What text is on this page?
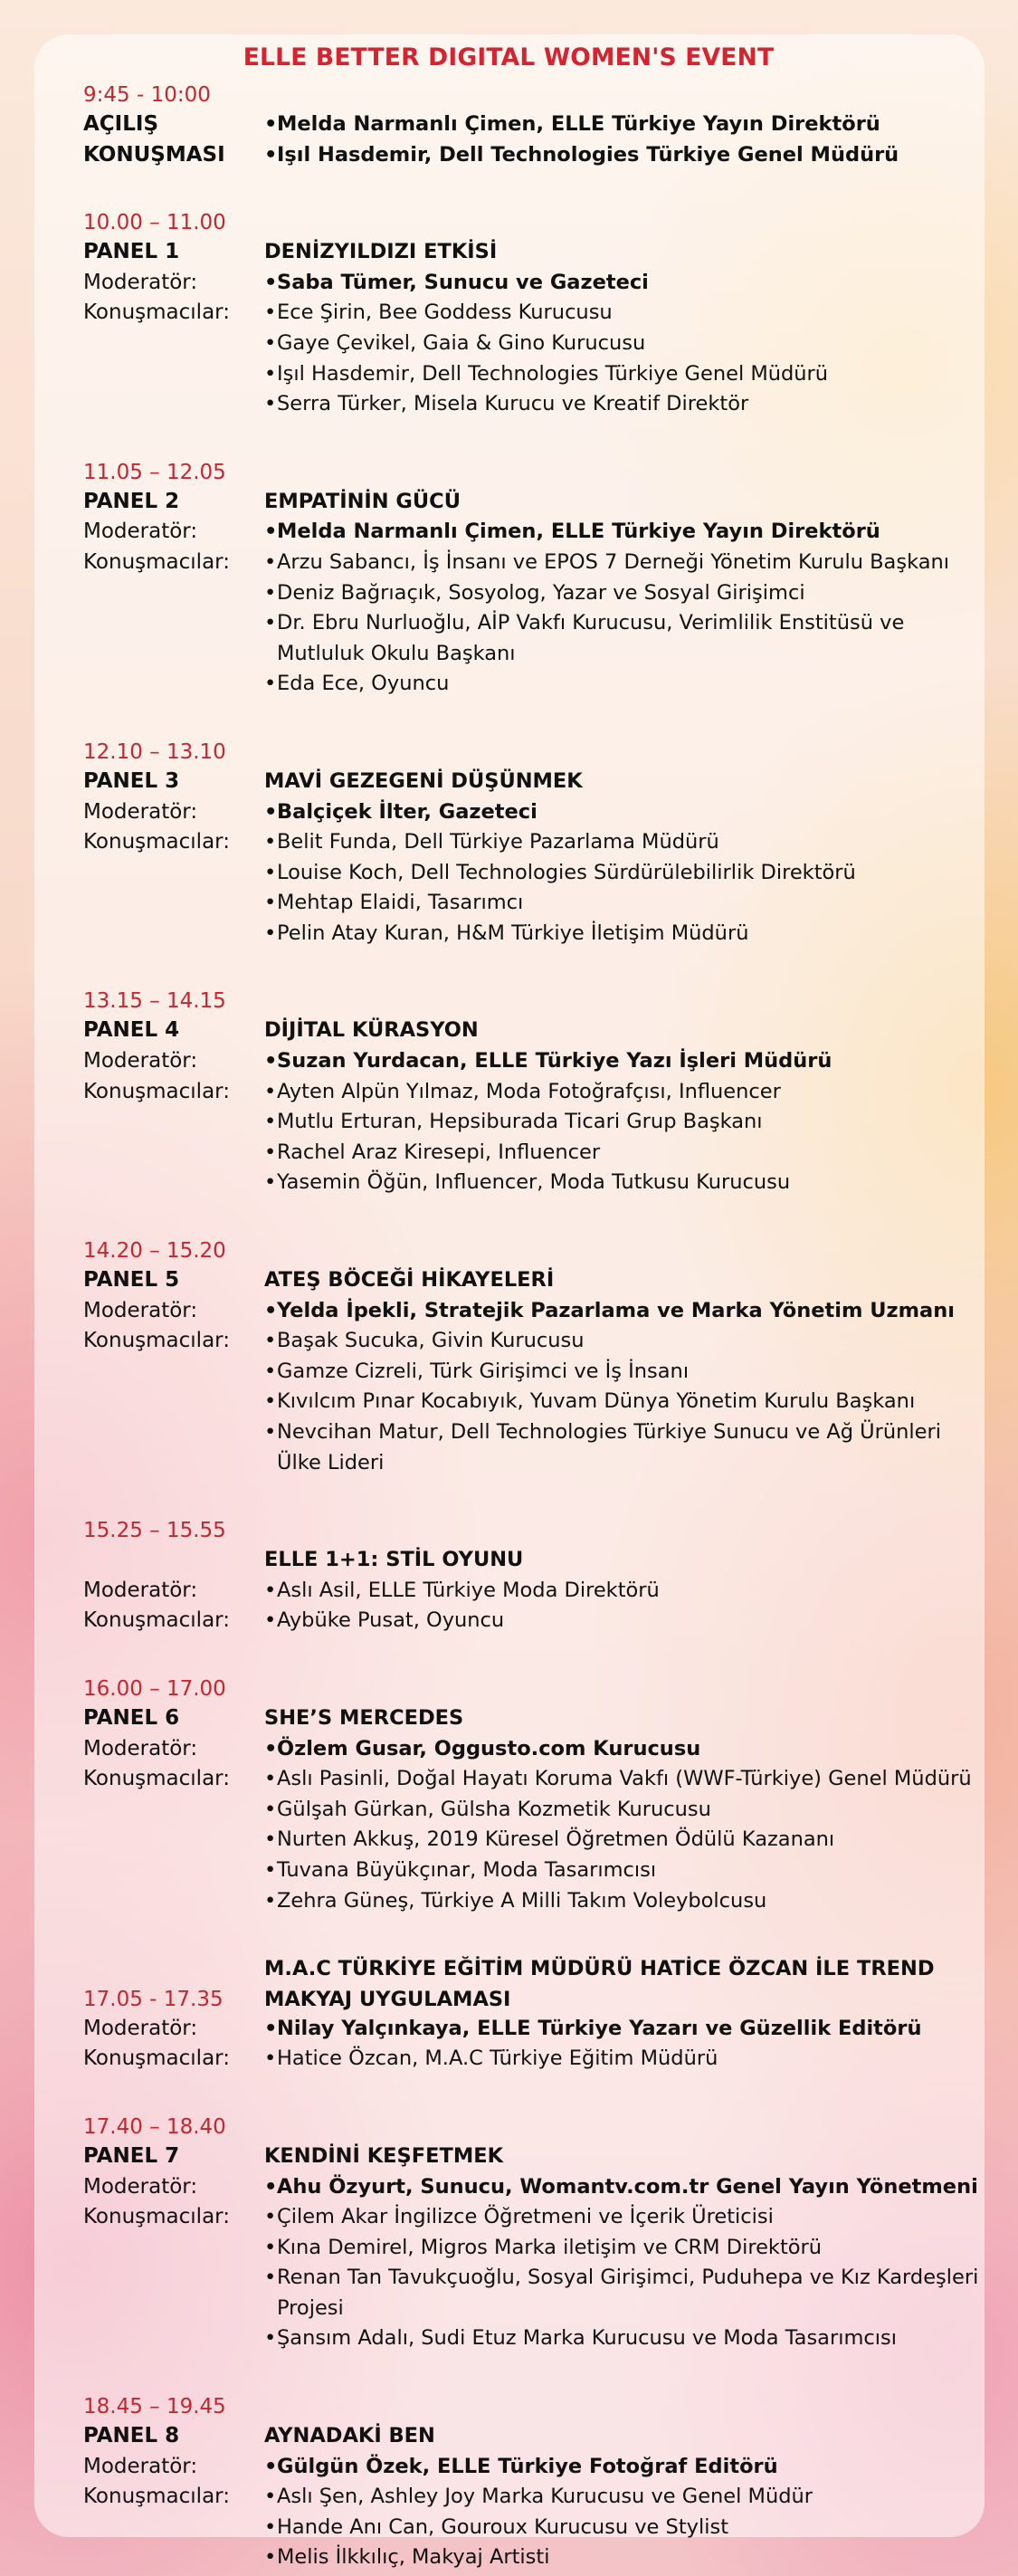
ELLE BETTER DIGITAL WOMEN'S EVENT
9:45 - 10:00
AÇILIŞ	• Melda Narmanlı Çimen, ELLE Türkiye Yayın Direktörü
KONUŞMASI	• Işıl Hasdemir, Dell Technologies Türkiye Genel Müdürü
10.00 – 11.00
PANEL 1	DENİZYILDIZI ETKİSİ
Moderatör:	• Saba Tümer, Sunucu ve Gazeteci
Konuşmacılar:	• Ece Şirin, Bee Goddess Kurucusu
• Gaye Çevikel, Gaia & Gino Kurucusu
• Işıl Hasdemir, Dell Technologies Türkiye Genel Müdürü
• Serra Türker, Misela Kurucu ve Kreatif Direktör
11.05 – 12.05
PANEL 2	EMPATİNİN GÜCÜ
Moderatör:	• Melda Narmanlı Çimen, ELLE Türkiye Yayın Direktörü
Konuşmacılar:	• Arzu Sabancı, İş İnsanı ve EPOS 7 Derneği Yönetim Kurulu Başkanı
• Deniz Bağrıaçık, Sosyolog, Yazar ve Sosyal Girişimci
• Dr. Ebru Nurluoğlu, AİP Vakfı Kurucusu, Verimlilik Enstitüsü ve Mutluluk Okulu Başkanı
• Eda Ece, Oyuncu
12.10 – 13.10
PANEL 3	MAVİ GEZEGENİ DÜŞÜNMEK
Moderatör:	• Balçiçek İlter, Gazeteci
Konuşmacılar:	• Belit Funda, Dell Türkiye Pazarlama Müdürü
• Louise Koch, Dell Technologies Sürdürülebilirlik Direktörü
• Mehtap Elaidi, Tasarımcı
• Pelin Atay Kuran, H&M Türkiye İletişim Müdürü
13.15 – 14.15
PANEL 4	DİJİTAL KÜRASYON
Moderatör:	• Suzan Yurdacan, ELLE Türkiye Yazı İşleri Müdürü
Konuşmacılar:	• Ayten Alpün Yılmaz, Moda Fotoğrafçısı, Influencer
• Mutlu Erturan, Hepsiburada Ticari Grup Başkanı
• Rachel Araz Kiresepi, Influencer
• Yasemin Öğün, Influencer, Moda Tutkusu Kurucusu
14.20 – 15.20
PANEL 5	ATEŞ BÖCEĞİ HİKAYELERİ
Moderatör:	• Yelda İpekli, Stratejik Pazarlama ve Marka Yönetim Uzmanı
Konuşmacılar:	• Başak Sucuka, Givin Kurucusu
• Gamze Cizreli, Türk Girişimci ve İş İnsanı
• Kıvılcım Pınar Kocabıyık, Yuvam Dünya Yönetim Kurulu Başkanı
• Nevcihan Matur, Dell Technologies Türkiye Sunucu ve Ağ Ürünleri Ülke Lideri
15.25 – 15.55
ELLE 1+1: STİL OYUNU
Moderatör:	• Aslı Asil, ELLE Türkiye Moda Direktörü
Konuşmacılar:	• Aybüke Pusat, Oyuncu
16.00 – 17.00
PANEL 6	SHE’S MERCEDES
Moderatör:	• Özlem Gusar, Oggusto.com Kurucusu
Konuşmacılar:	• Aslı Pasinli, Doğal Hayatı Koruma Vakfı (WWF-Türkiye) Genel Müdürü
• Gülşah Gürkan, Gülsha Kozmetik Kurucusu
• Nurten Akkuş, 2019 Küresel Öğretmen Ödülü Kazananı
• Tuvana Büyükçınar, Moda Tasarımcısı
• Zehra Güneş, Türkiye A Milli Takım Voleybolcusu
M.A.C TÜRKİYE EĞİTİM MÜDÜRÜ HATİCE ÖZCAN İLE TREND MAKYAJ UYGULAMASI
17.05 - 17.35
Moderatör:	• Nilay Yalçınkaya, ELLE Türkiye Yazarı ve Güzellik Editörü
Konuşmacılar:	• Hatice Özcan, M.A.C Türkiye Eğitim Müdürü
17.40 – 18.40
PANEL 7	KENDİNİ KEŞFETMEK
Moderatör:	• Ahu Özyurt, Sunucu, Womantv.com.tr Genel Yayın Yönetmeni
Konuşmacılar:	• Çilem Akar İngilizce Öğretmeni ve İçerik Üreticisi
• Kına Demirel, Migros Marka iletişim ve CRM Direktörü
• Renan Tan Tavukçuoğlu, Sosyal Girişimci, Puduhepa ve Kız Kardeşleri Projesi
• Şansım Adalı, Sudi Etuz Marka Kurucusu ve Moda Tasarımcısı
18.45 – 19.45
PANEL 8	AYNADAKİ BEN
Moderatör:	• Gülgün Özek, ELLE Türkiye Fotoğraf Editörü
Konuşmacılar:	• Aslı Şen, Ashley Joy Marka Kurucusu ve Genel Müdür
• Hande Anı Can, Gouroux Kurucusu ve Stylist
• Melis İlkkılıç, Makyaj Artisti
